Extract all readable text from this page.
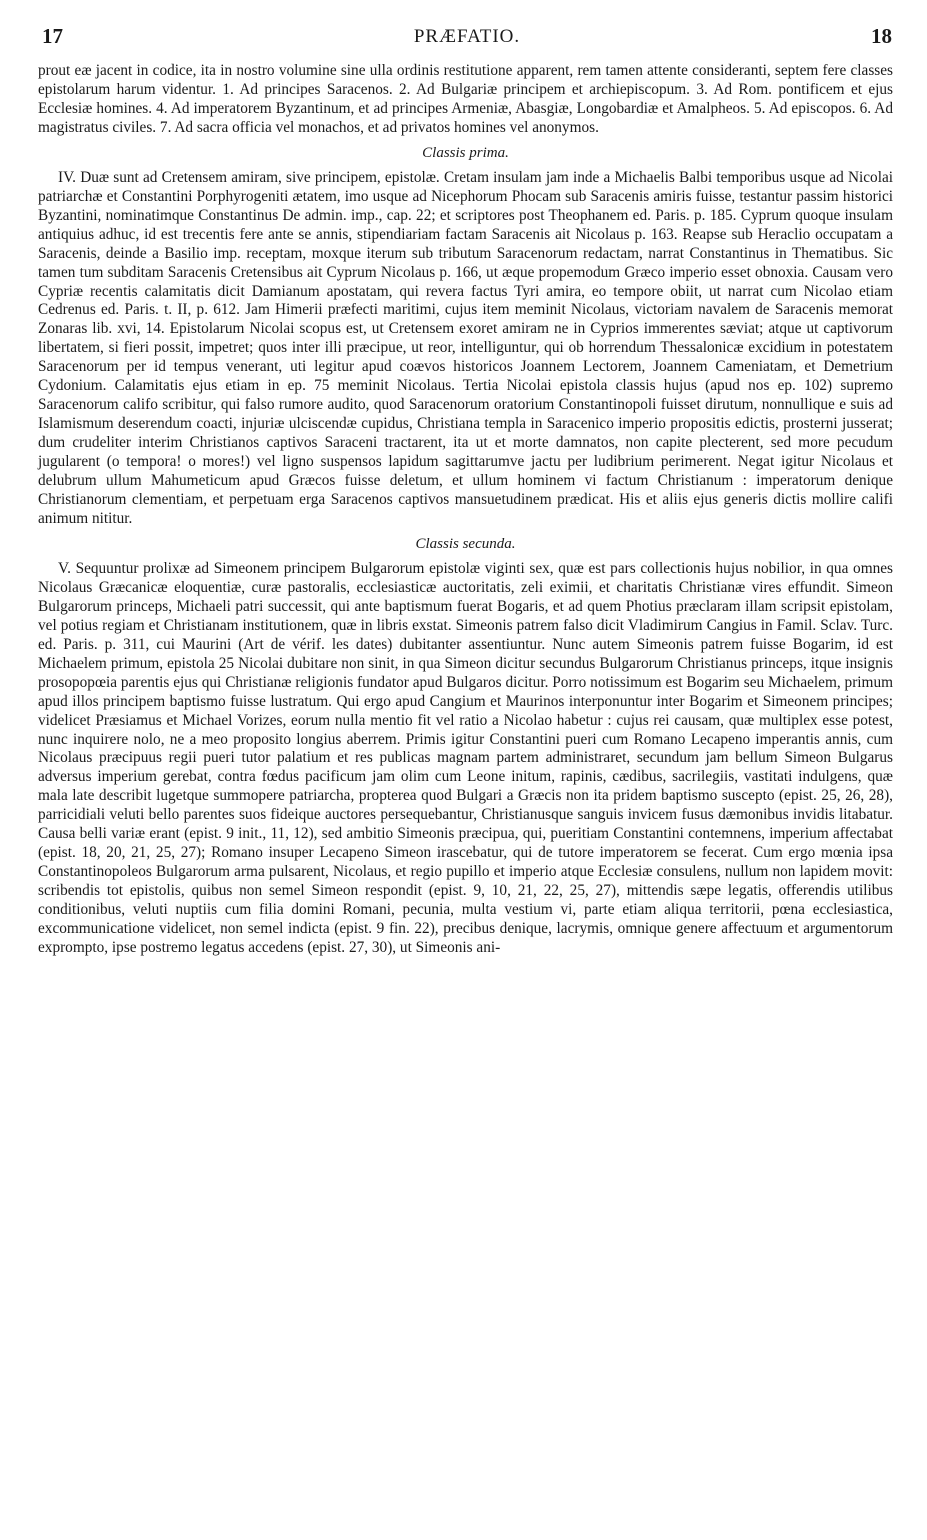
17	PRÆFATIO.	18

prout eæ jacent in codice, ita in nostro volumine sine ulla ordinis restitutione apparent, rem tamen attente consideranti, septem fere classes epistolarum harum videntur. 1. Ad principes Saracenos. 2. Ad Bulgariæ principem et archiepiscopum. 3. Ad Rom. pontificem et ejus Ecclesiæ homines. 4. Ad imperatorem Byzantinum, et ad principes Armeniæ, Abasgiæ, Longobardiæ et Amalpheos. 5. Ad episcopos. 6. Ad magistratus civiles. 7. Ad sacra officia vel monachos, et ad privatos homines vel anonymos.

Classis prima.

IV. Duæ sunt ad Cretensem amiram, sive principem, epistolæ. Cretam insulam jam inde a Michaelis Balbi temporibus usque ad Nicolai patriarchæ et Constantini Porphyrogeniti ætatem, imo usque ad Nicephorum Phocam sub Saracenis amiris fuisse, testantur passim historici Byzantini, nominatimque Constantinus De admin. imp., cap. 22; et scriptores post Theophanem ed. Paris. p. 185. Cyprum quoque insulam antiquius adhuc, id est trecentis fere ante se annis, stipendiariam factam Saracenis ait Nicolaus p. 163. Reapse sub Heraclio occupatam a Saracenis, deinde a Basilio imp. receptam, moxque iterum sub tributum Saracenorum redactam, narrat Constantinus in Thematibus. Sic tamen tum subditam Saracenis Cretensibus ait Cyprum Nicolaus p. 166, ut æque propemodum Græco imperio esset obnoxia. Causam vero Cypriæ recentis calamitatis dicit Damianum apostatam, qui revera factus Tyri amira, eo tempore obiit, ut narrat cum Nicolao etiam Cedrenus ed. Paris. t. II, p. 612. Jam Himerii præfecti maritimi, cujus item meminit Nicolaus, victoriam navalem de Saracenis memorat Zonaras lib. xvi, 14. Epistolarum Nicolai scopus est, ut Cretensem exoret amiram ne in Cyprios immerentes sæviat; atque ut captivorum libertatem, si fieri possit, impetret; quos inter illi præcipue, ut reor, intelliguntur, qui ob horrendum Thessalonicæ excidium in potestatem Saracenorum per id tempus venerant, uti legitur apud coævos historicos Joannem Lectorem, Joannem Cameniatam, et Demetrium Cydonium. Calamitatis ejus etiam in ep. 75 meminit Nicolaus. Tertia Nicolai epistola classis hujus (apud nos ep. 102) supremo Saracenorum califo scribitur, qui falso rumore audito, quod Saracenorum oratorium Constantinopoli fuisset dirutum, nonnullique e suis ad Islamismum deserendum coacti, injuriæ ulciscendæ cupidus, Christiana templa in Saracenico imperio propositis edictis, prosterni jusserat; dum crudeliter interim Christianos captivos Saraceni tractarent, ita ut et morte damnatos, non capite plecterent, sed more pecudum jugularent (o tempora! o mores!) vel ligno suspensos lapidum sagittarumve jactu per ludibrium perimerent. Negat igitur Nicolaus et delubrum ullum Mahumeticum apud Græcos fuisse deletum, et ullum hominem vi factum Christianum : imperatorum denique Christianorum clementiam, et perpetuam erga Saracenos captivos mansuetudinem prædicat. His et aliis ejus generis dictis mollire califi animum nititur.

Classis secunda.

V. Sequuntur prolixæ ad Simeonem principem Bulgarorum epistolæ viginti sex, quæ est pars collectionis hujus nobilior, in qua omnes Nicolaus Græcanicæ eloquentiæ, curæ pastoralis, ecclesiasticæ auctoritatis, zeli eximii, et charitatis Christianæ vires effundit. Simeon Bulgarorum princeps, Michaeli patri successit, qui ante baptismum fuerat Bogaris, et ad quem Photius præclaram illam scripsit epistolam, vel potius regiam et Christianam institutionem, quæ in libris exstat. Simeonis patrem falso dicit Vladimirum Cangius in Famil. Sclav. Turc. ed. Paris. p. 311, cui Maurini (Art de vérif. les dates) dubitanter assentiuntur. Nunc autem Simeonis patrem fuisse Bogarim, id est Michaelem primum, epistola 25 Nicolai dubitare non sinit, in qua Simeon dicitur secundus Bulgarorum Christianus princeps, itque insignis prosopopœia parentis ejus qui Christianæ religionis fundator apud Bulgaros dicitur. Porro notissimum est Bogarim seu Michaelem, primum apud illos principem baptismo fuisse lustratum. Qui ergo apud Cangium et Maurinos interponuntur inter Bogarim et Simeonem principes; videlicet Præsiamus et Michael Vorizes, eorum nulla mentio fit vel ratio a Nicolao habetur : cujus rei causam, quæ multiplex esse potest, nunc inquirere nolo, ne a meo proposito longius aberrem. Primis igitur Constantini pueri cum Romano Lecapeno imperantis annis, cum Nicolaus præcipuus regii pueri tutor palatium et res publicas magnam partem administraret, secundum jam bellum Simeon Bulgarus adversus imperium gerebat, contra fœdus pacificum jam olim cum Leone initum, rapinis, cædibus, sacrilegiis, vastitati indulgens, quæ mala late describit lugetque summopere patriarcha, propterea quod Bulgari a Græcis non ita pridem baptismo suscepto (epist. 25, 26, 28), parricidiali veluti bello parentes suos fideique auctores persequebantur, Christianusque sanguis invicem fusus dæmonibus invidis litabatur. Causa belli variæ erant (epist. 9 init., 11, 12), sed ambitio Simeonis præcipua, qui, pueritiam Constantini contemnens, imperium affectabat (epist. 18, 20, 21, 25, 27); Romano insuper Lecapeno Simeon irascebatur, qui de tutore imperatorem se fecerat. Cum ergo mœnia ipsa Constantinopoleos Bulgarorum arma pulsarent, Nicolaus, et regio pupillo et imperio atque Ecclesiæ consulens, nullum non lapidem movit: scribendis tot epistolis, quibus non semel Simeon respondit (epist. 9, 10, 21, 22, 25, 27), mittendis sæpe legatis, offerendis utilibus conditionibus, veluti nuptiis cum filia domini Romani, pecunia, multa vestium vi, parte etiam aliqua territorii, pœna ecclesiastica, excommunicatione videlicet, non semel indicta (epist. 9 fin. 22), precibus denique, lacrymis, omnique genere affectuum et argumentorum exprompto, ipse postremo legatus accedens (epist. 27, 30), ut Simeonis ani-
